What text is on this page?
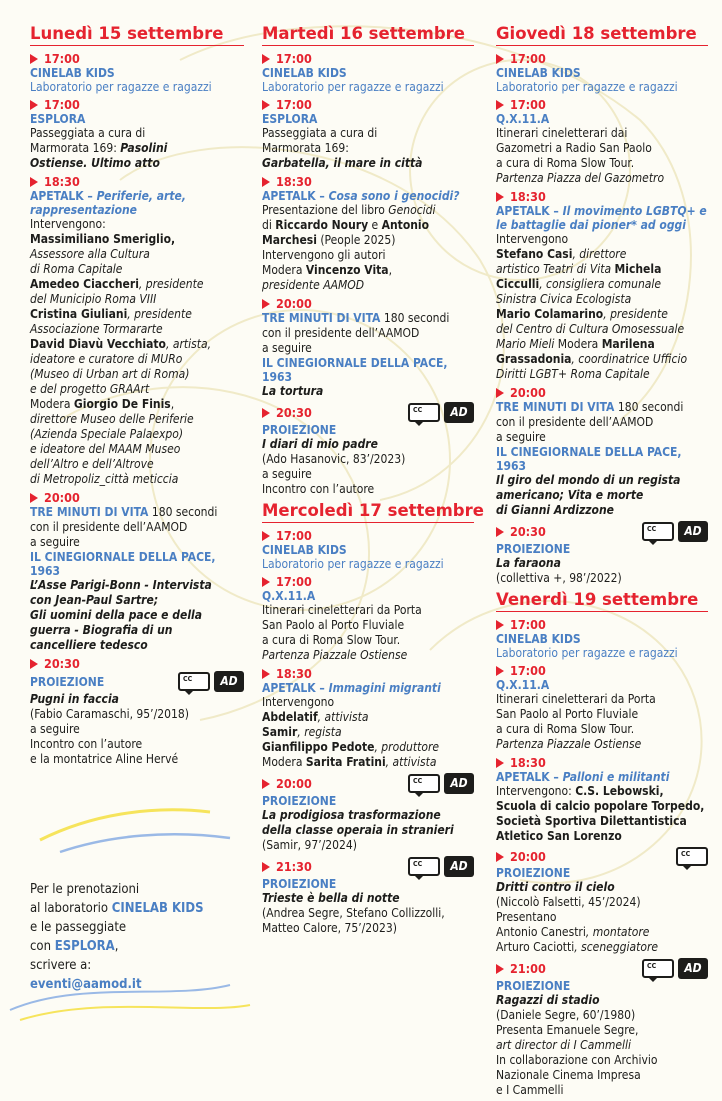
Lunedì 15 settembre
17:00
CINELAB KIDS
Laboratorio per ragazze e ragazzi
17:00
ESPLORA
Passeggiata a cura di
Marmorata 169: Pasolini
Ostiense. Ultimo atto
18:30
APETALK – Periferie, arte, rappresentazione
Intervengono:
Massimiliano Smeriglio,
Assessore alla Cultura
di Roma Capitale
Amedeo Ciaccheri, presidente
del Municipio Roma VIII
Cristina Giuliani, presidente
Associazione Tormararte
David Diavù Vecchiato, artista,
ideatore e curatore di MURo
(Museo di Urban art di Roma)
e del progetto GRAArt
Modera Giorgio De Finis,
direttore Museo delle Periferie
(Azienda Speciale Palaexpo)
e ideatore del MAAM Museo
dell’Altro e dell’Altrove
di Metropoliz_città meticcia
20:00
TRE MINUTI DI VITA 180 secondi
con il presidente dell’AAMOD
a seguire
IL CINEGIORNALE DELLA PACE, 1963
L’Asse Parigi-Bonn - Intervista
con Jean-Paul Sartre;
Gli uomini della pace e della
guerra - Biografia di un
cancelliere tedesco
20:30
PROIEZIONE	CC	AD
Pugni in faccia
(Fabio Caramaschi, 95’/2018)
a seguire
Incontro con l’autore
e la montatrice Aline Hervé
Per le prenotazioni
al laboratorio CINELAB KIDS
e le passeggiate
con ESPLORA,
scrivere a:
eventi@aamod.it
Martedì 16 settembre
17:00
CINELAB KIDS
Laboratorio per ragazze e ragazzi
17:00
ESPLORA
Passeggiata a cura di
Marmorata 169:
Garbatella, il mare in città
18:30
APETALK – Cosa sono i genocidi?
Presentazione del libro Genocidi
di Riccardo Noury e Antonio
Marchesi (People 2025)
Intervengono gli autori
Modera Vincenzo Vita,
presidente AAMOD
20:00
TRE MINUTI DI VITA 180 secondi
con il presidente dell’AAMOD
a seguire
IL CINEGIORNALE DELLA PACE, 1963
La tortura
20:30	CC	AD
PROIEZIONE
I diari di mio padre
(Ado Hasanovic, 83’/2023)
a seguire
Incontro con l’autore
Mercoledì 17 settembre
17:00
CINELAB KIDS
Laboratorio per ragazze e ragazzi
17:00
Q.X.11.A
Itinerari cineletterari da Porta
San Paolo al Porto Fluviale
a cura di Roma Slow Tour.
Partenza Piazzale Ostiense
18:30
APETALK – Immagini migranti
Intervengono
Abdelatif, attivista
Samir, regista
Gianfilippo Pedote, produttore
Modera Sarita Fratini, attivista
20:00	CC	AD
PROIEZIONE
La prodigiosa trasformazione
della classe operaia in stranieri
(Samir, 97’/2024)
21:30	CC	AD
PROIEZIONE
Trieste è bella di notte
(Andrea Segre, Stefano Collizzolli,
Matteo Calore, 75’/2023)
Giovedì 18 settembre
17:00
CINELAB KIDS
Laboratorio per ragazze e ragazzi
17:00
Q.X.11.A
Itinerari cineletterari dai
Gazometri a Radio San Paolo
a cura di Roma Slow Tour.
Partenza Piazza del Gazometro
18:30
APETALK – Il movimento LGBTQ+ e le battaglie dai pioner* ad oggi
Intervengono
Stefano Casi, direttore
artistico Teatri di Vita Michela
Cicculli, consigliera comunale
Sinistra Civica Ecologista
Mario Colamarino, presidente
del Centro di Cultura Omosessuale
Mario Mieli Modera Marilena
Grassadonia, coordinatrice Ufficio
Diritti LGBT+ Roma Capitale
20:00
TRE MINUTI DI VITA 180 secondi
con il presidente dell’AAMOD
a seguire
IL CINEGIORNALE DELLA PACE, 1963
Il giro del mondo di un regista
americano; Vita e morte
di Gianni Ardizzone
20:30	CC	AD
PROIEZIONE
La faraona
(collettiva +, 98’/2022)
Venerdì 19 settembre
17:00
CINELAB KIDS
Laboratorio per ragazze e ragazzi
17:00
Q.X.11.A
Itinerari cineletterari da Porta
San Paolo al Porto Fluviale
a cura di Roma Slow Tour.
Partenza Piazzale Ostiense
18:30
APETALK – Palloni e militanti
Intervengono: C.S. Lebowski,
Scuola di calcio popolare Torpedo,
Società Sportiva Dilettantistica
Atletico San Lorenzo
20:00	CC
PROIEZIONE
Dritti contro il cielo
(Niccolò Falsetti, 45’/2024)
Presentano
Antonio Canestri, montatore
Arturo Caciotti, sceneggiatore
21:00	CC	AD
PROIEZIONE
Ragazzi di stadio
(Daniele Segre, 60’/1980)
Presenta Emanuele Segre,
art director di I Cammelli
In collaborazione con Archivio
Nazionale Cinema Impresa
e I Cammelli
